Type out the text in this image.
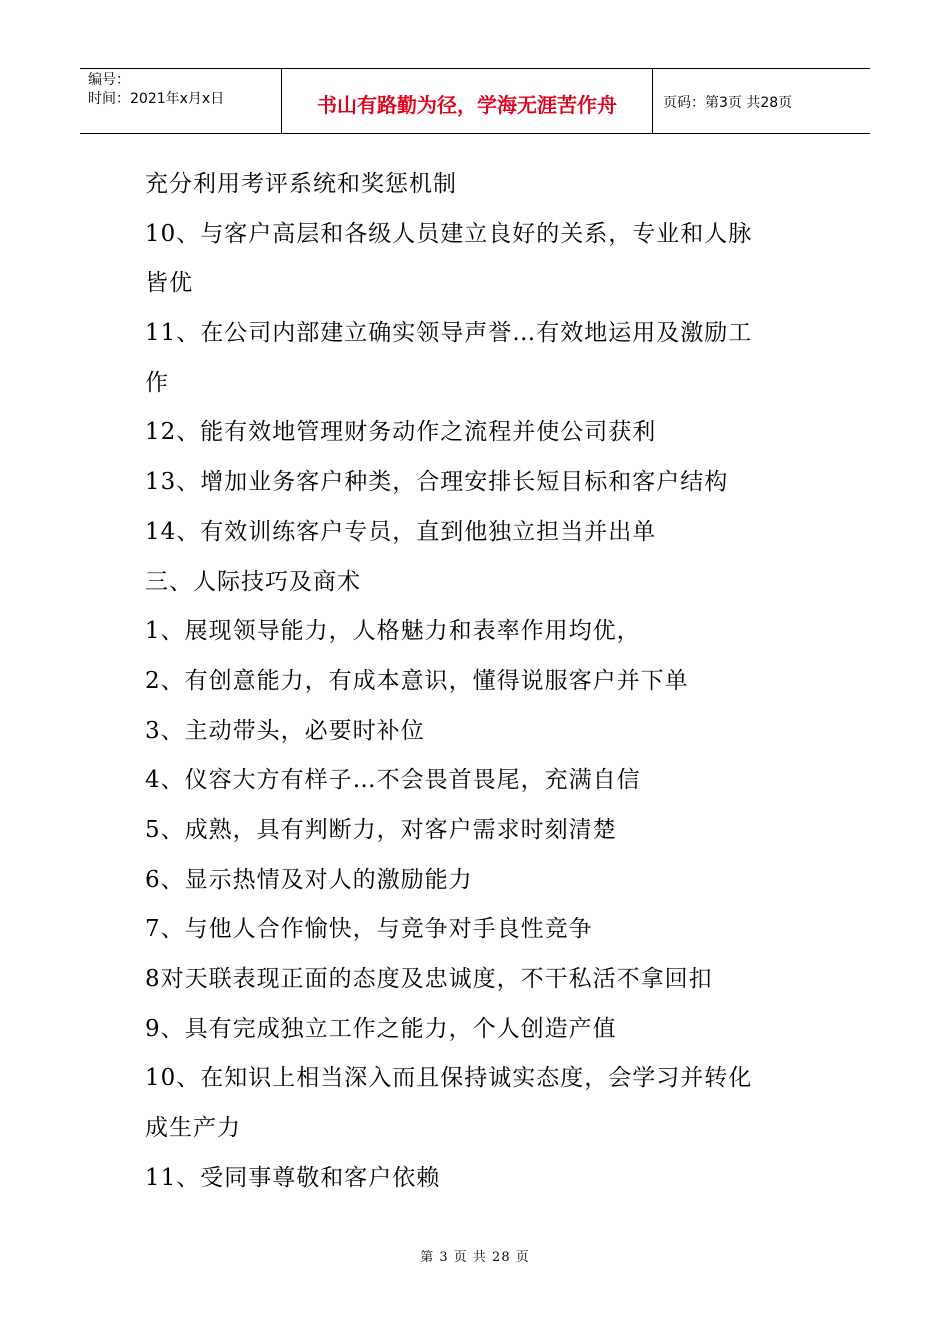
编号：
时间：2021年x月x日	书山有路勤为径，学海无涯苦作舟	页码：第3页 共28页
充分利用考评系统和奖惩机制
10、与客户高层和各级人员建立良好的关系，专业和人脉
皆优
11、在公司内部建立确实领导声誉…有效地运用及激励工
作
12、能有效地管理财务动作之流程并使公司获利
13、增加业务客户种类，合理安排长短目标和客户结构
14、有效训练客户专员，直到他独立担当并出单
三、人际技巧及商术
1、展现领导能力，人格魅力和表率作用均优，
2、有创意能力，有成本意识，懂得说服客户并下单
3、主动带头，必要时补位
4、仪容大方有样子…不会畏首畏尾，充满自信
5、成熟，具有判断力，对客户需求时刻清楚
6、显示热情及对人的激励能力
7、与他人合作愉快，与竞争对手良性竞争
8对天联表现正面的态度及忠诚度，不干私活不拿回扣
9、具有完成独立工作之能力，个人创造产值
10、在知识上相当深入而且保持诚实态度，会学习并转化
成生产力
11、受同事尊敬和客户依赖
第 3 页 共 28 页
